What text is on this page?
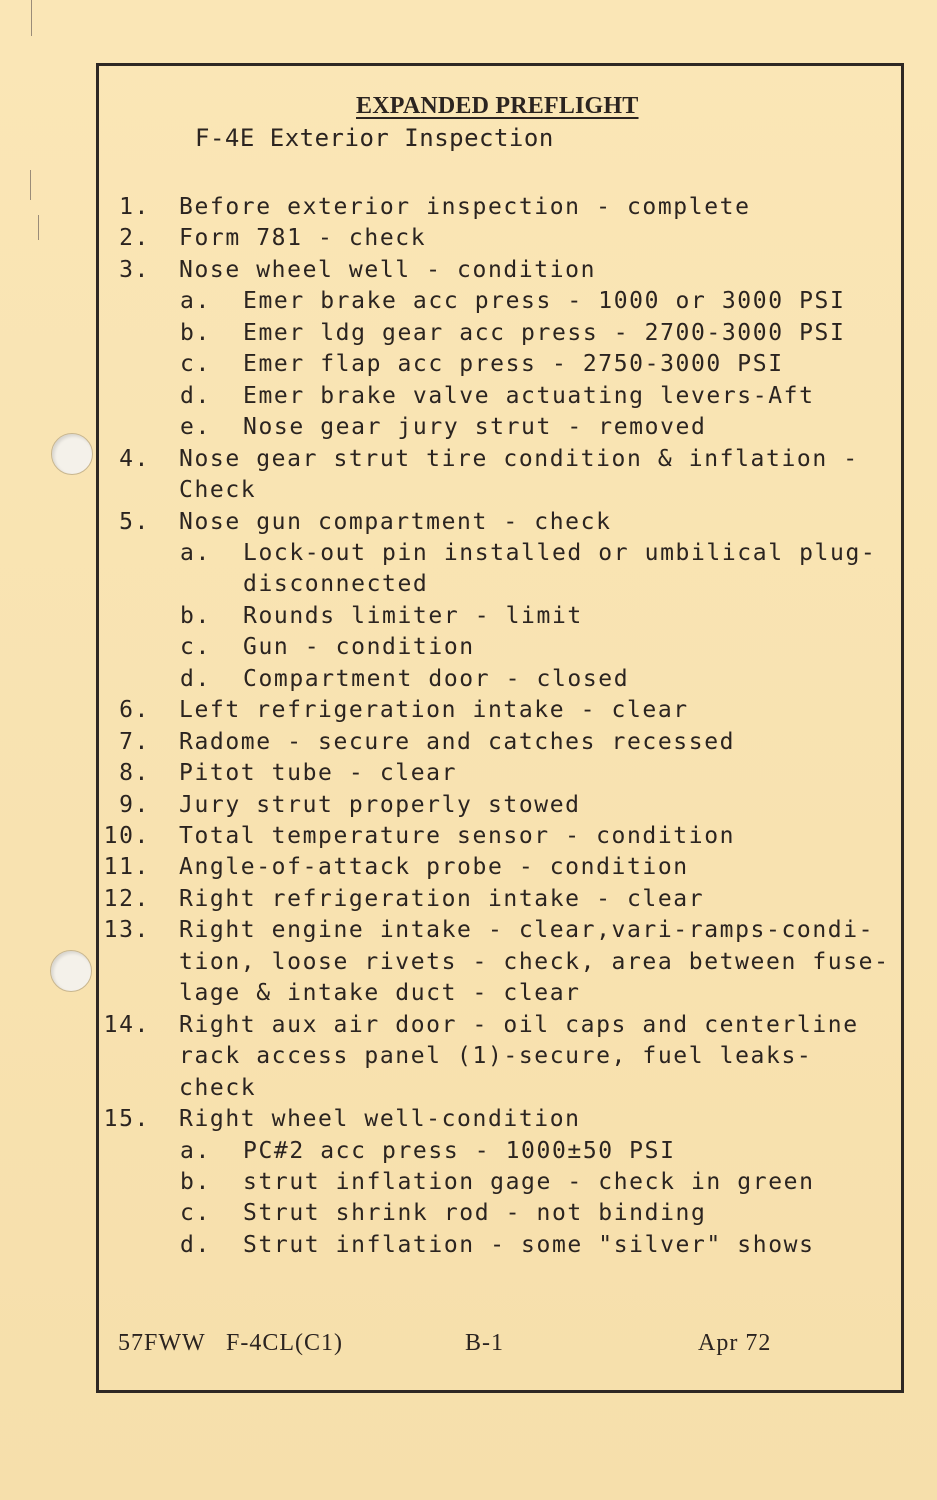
EXPANDED PREFLIGHT
F-4E Exterior Inspection
1. Before exterior inspection - complete
2. Form 781 - check
3. Nose wheel well - condition
a. Emer brake acc press - 1000 or 3000 PSI
b. Emer ldg gear acc press - 2700-3000 PSI
c. Emer flap acc press - 2750-3000 PSI
d. Emer brake valve actuating levers-Aft
e. Nose gear jury strut - removed
4. Nose gear strut tire condition & inflation -
Check
5. Nose gun compartment - check
a. Lock-out pin installed or umbilical plug-
disconnected
b. Rounds limiter - limit
c. Gun - condition
d. Compartment door - closed
6. Left refrigeration intake - clear
7. Radome - secure and catches recessed
8. Pitot tube - clear
9. Jury strut properly stowed
10. Total temperature sensor - condition
11. Angle-of-attack probe - condition
12. Right refrigeration intake - clear
13. Right engine intake - clear,vari-ramps-condi-
tion, loose rivets - check, area between fuse-
lage & intake duct - clear
14. Right aux air door - oil caps and centerline
rack access panel (1)-secure, fuel leaks-
check
15. Right wheel well-condition
a. PC#2 acc press - 1000±50 PSI
b. strut inflation gage - check in green
c. Strut shrink rod - not binding
d. Strut inflation - some "silver" shows
57FWW F-4CL(C1)	B-1	Apr 72
